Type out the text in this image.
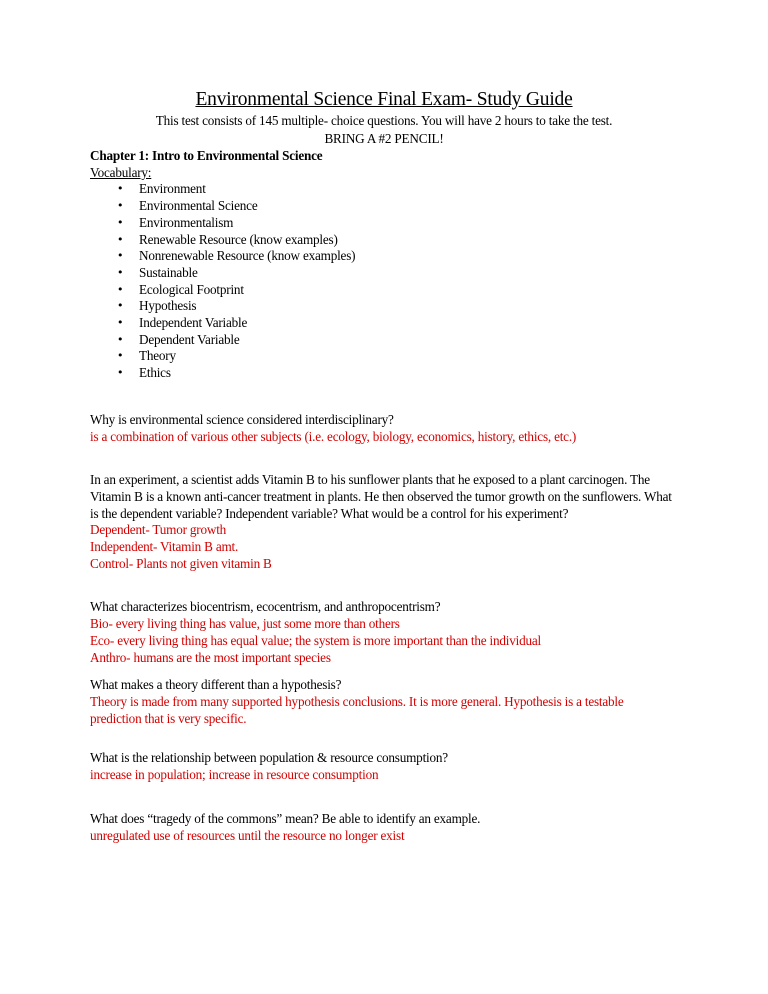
Environmental Science Final Exam- Study Guide

This test consists of 145 multiple- choice questions. You will have 2 hours to take the test.

BRING A #2 PENCIL!

Chapter 1: Intro to Environmental Science

Vocabulary:

• Environment
• Environmental Science
• Environmentalism
• Renewable Resource (know examples)
• Nonrenewable Resource (know examples)
• Sustainable
• Ecological Footprint
• Hypothesis
• Independent Variable
• Dependent Variable
• Theory
• Ethics

Why is environmental science considered interdisciplinary?

is a combination of various other subjects (i.e. ecology, biology, economics, history, ethics, etc.)

In an experiment, a scientist adds Vitamin B to his sunflower plants that he exposed to a plant carcinogen. The Vitamin B is a known anti-cancer treatment in plants. He then observed the tumor growth on the sunflowers. What is the dependent variable? Independent variable? What would be a control for his experiment?

Dependent- Tumor growth

Independent- Vitamin B amt.

Control- Plants not given vitamin B

What characterizes biocentrism, ecocentrism, and anthropocentrism?

Bio- every living thing has value, just some more than others

Eco- every living thing has equal value; the system is more important than the individual

Anthro- humans are the most important species

What makes a theory different than a hypothesis?

Theory is made from many supported hypothesis conclusions. It is more general. Hypothesis is a testable prediction that is very specific.

What is the relationship between population & resource consumption?

increase in population; increase in resource consumption

What does “tragedy of the commons” mean? Be able to identify an example.

unregulated use of resources until the resource no longer exist
